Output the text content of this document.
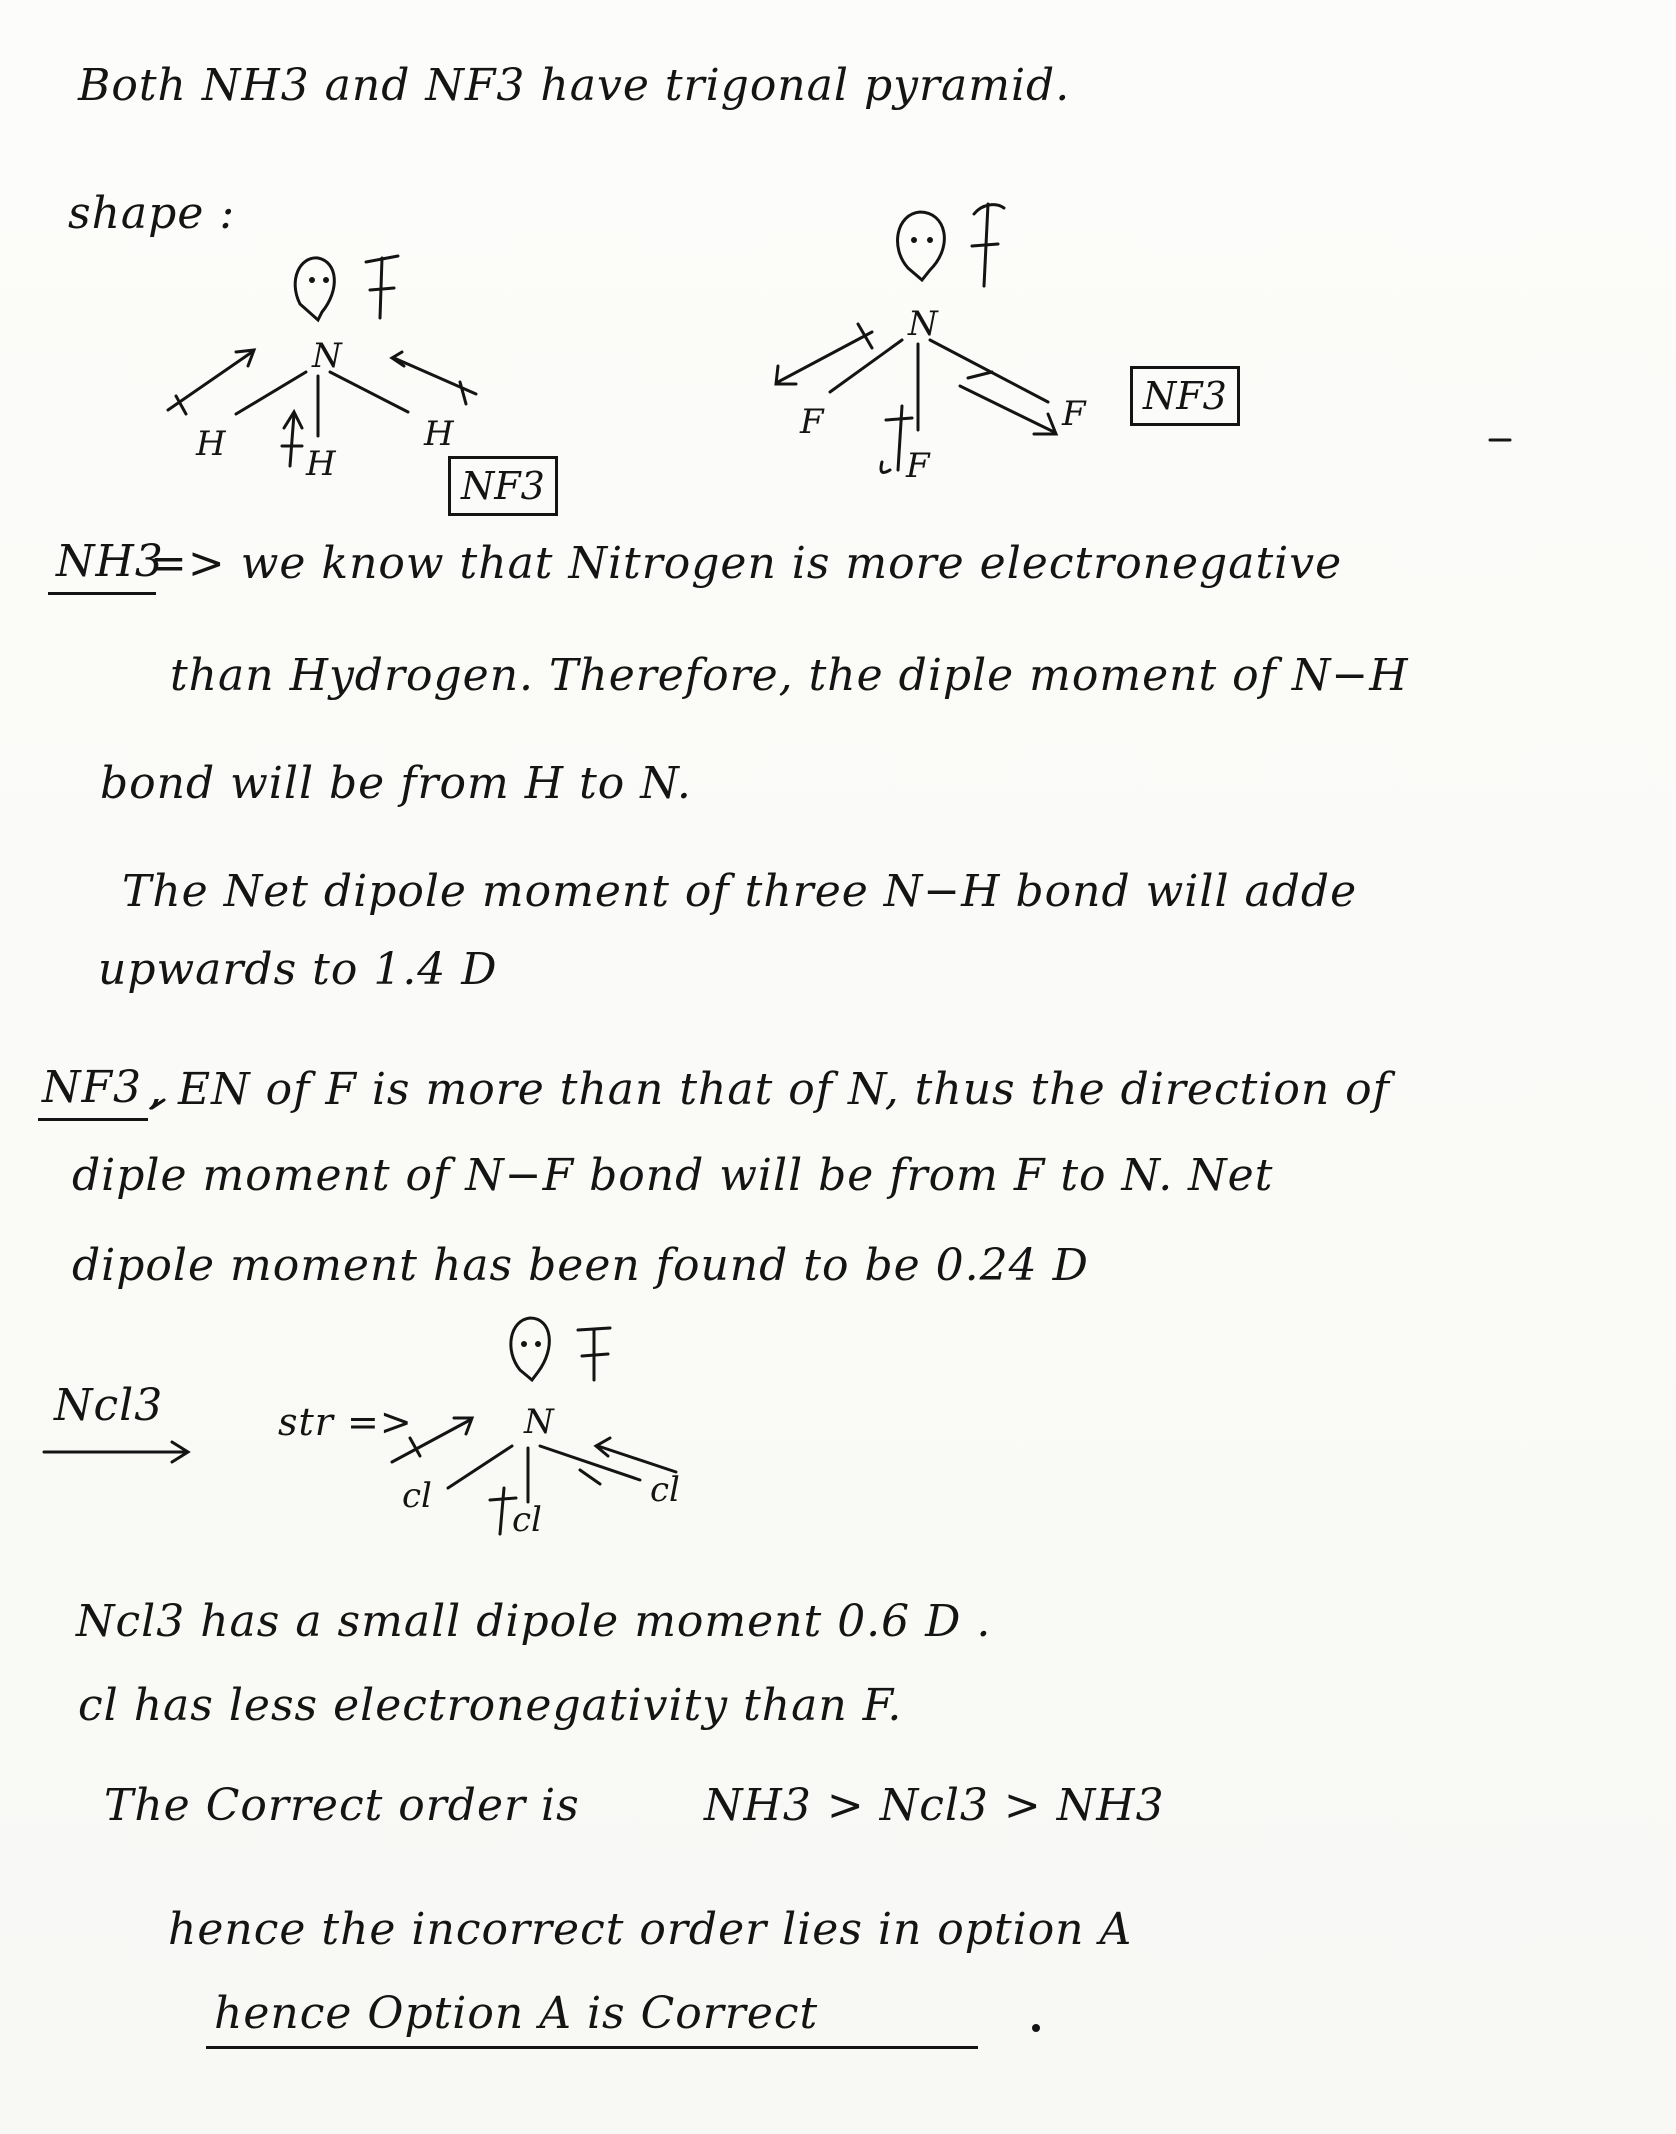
Both NH3 and NF3 have trigonal pyramid.
shape :
N
H H
H
NF3
N
F
F
F	NF3
NH3
=> we know that Nitrogen is more electronegative
than Hydrogen. Therefore, the diple moment of N−H
bond will be from H to N.
The Net dipole moment of three N−H bond will adde
upwards to 1.4 D
NF3 , EN of F is more than that of N, thus the direction of
diple moment of N−F bond will be from F to N. Net
dipole moment has been found to be 0.24 D
Ncl3	str =>	N
cl
cl
cl
Ncl3 has a small dipole moment 0.6 D .
cl has less electronegativity than F.
The Correct order is	NH3 > Ncl3 > NH3
hence the incorrect order lies in option A
hence Option A is Correct
